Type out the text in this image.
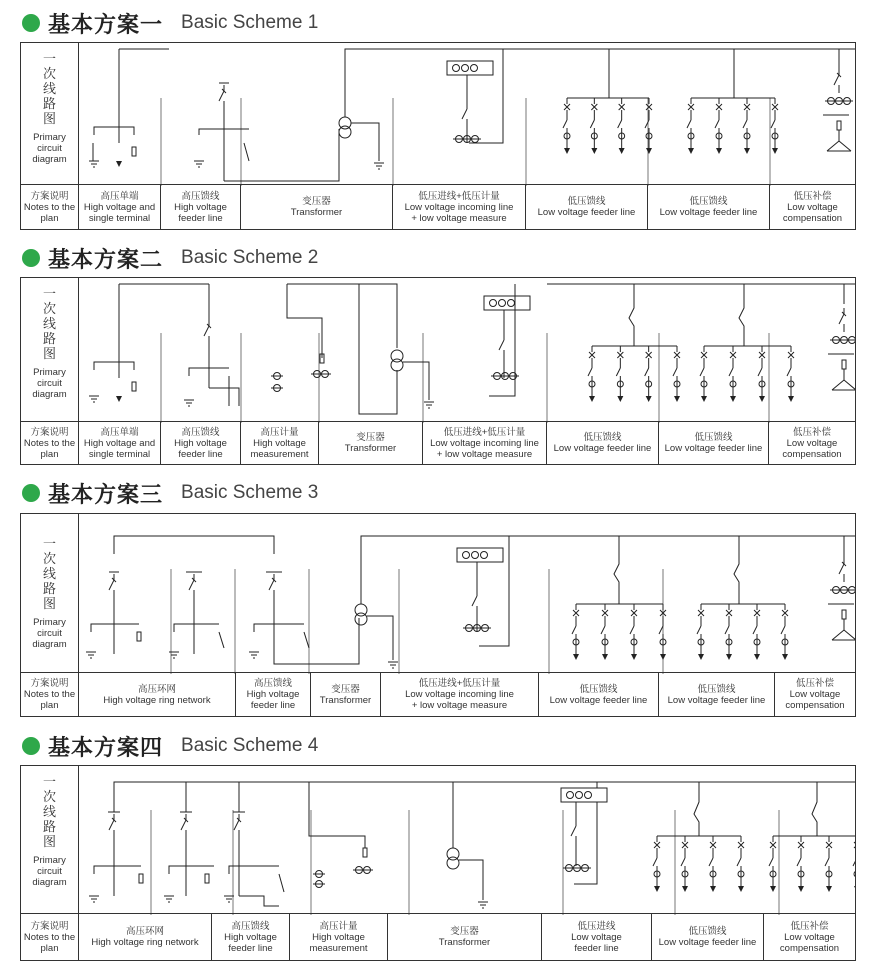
基本方案一 Basic Scheme 1
一
次
线
路
图
Primary
circuit
diagram
方案说明
Notes to the
plan
高压单端
High voltage and
single terminal
高压馈线
High voltage
feeder line
变压器
Transformer
低压进线+低压计量
Low voltage incoming line
+ low voltage measure
低压馈线
Low voltage feeder line
低压馈线
Low voltage feeder line
低压补偿
Low voltage
compensation
基本方案二 Basic Scheme 2
一
次
线
路
图
Primary
circuit
diagram
方案说明
Notes to the
plan
高压单端
High voltage and
single terminal
高压馈线
High voltage
feeder line
高压计量
High voltage
measurement
变压器
Transformer
低压进线+低压计量
Low voltage incoming line
+ low voltage measure
低压馈线
Low voltage feeder line
低压馈线
Low voltage feeder line
低压补偿
Low voltage
compensation
基本方案三 Basic Scheme 3
一
次
线
路
图
Primary
circuit
diagram
方案说明
Notes to the
plan
高压环网
High voltage ring network
高压馈线
High voltage
feeder line
变压器
Transformer
低压进线+低压计量
Low voltage incoming line
+ low voltage measure
低压馈线
Low voltage feeder line
低压馈线
Low voltage feeder line
低压补偿
Low voltage
compensation
基本方案四 Basic Scheme 4
一
次
线
路
图
Primary
circuit
diagram
方案说明
Notes to the
plan
高压环网
High voltage ring network
高压馈线
High voltage
feeder line
高压计量
High voltage
measurement
变压器
Transformer
低压进线
Low voltage
feeder line
低压馈线
Low voltage feeder line
低压补偿
Low voltage
compensation
